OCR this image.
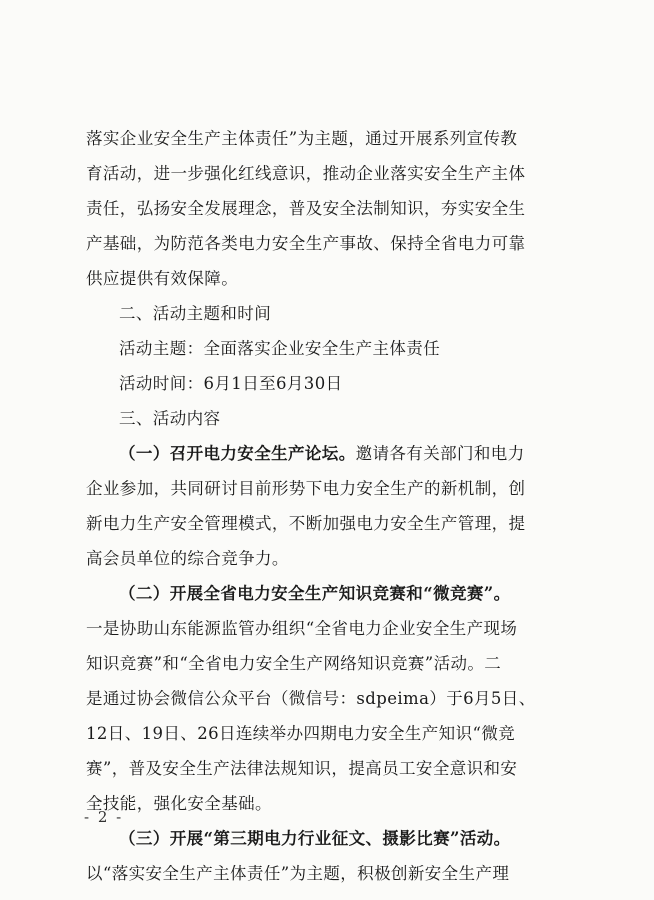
落实企业安全生产主体责任”为主题，通过开展系列宣传教

育活动，进一步强化红线意识，推动企业落实安全生产主体

责任，弘扬安全发展理念，普及安全法制知识，夯实安全生

产基础，为防范各类电力安全生产事故、保持全省电力可靠

供应提供有效保障。

二、活动主题和时间

活动主题：全面落实企业安全生产主体责任

活动时间：6月1日至6月30日

三、活动内容

（一）召开电力安全生产论坛。邀请各有关部门和电力

企业参加，共同研讨目前形势下电力安全生产的新机制，创

新电力生产安全管理模式，不断加强电力安全生产管理，提

高会员单位的综合竞争力。

（二）开展全省电力安全生产知识竞赛和“微竞赛”。

一是协助山东能源监管办组织“全省电力企业安全生产现场

知识竞赛”和“全省电力安全生产网络知识竞赛”活动。二

是通过协会微信公众平台（微信号：sdpeima）于6月5日、

12日、19日、26日连续举办四期电力安全生产知识“微竞

赛”，普及安全生产法律法规知识，提高员工安全意识和安

全技能，强化安全基础。

（三）开展“第三期电力行业征文、摄影比赛”活动。

以“落实安全生产主体责任”为主题，积极创新安全生产理

- 2 -
